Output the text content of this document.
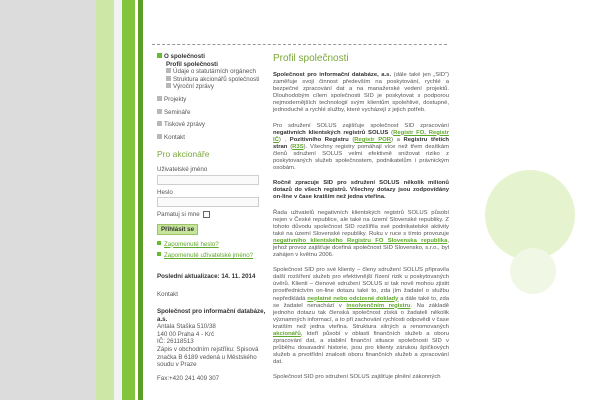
O společnosti
Profil společnosti
Údaje o statutárních orgánech
Struktura akcionářů společnosti
Výroční zprávy
Projekty
Semináře
Tiskové zprávy
Kontakt
Pro akcionáře
Uživatelské jméno
Heslo
Pamatuj si mne
Přihlásit se
Zapomenuté heslo?
Zapomenuté uživatelské jméno?
Poslední aktualizace: 14. 11. 2014
Kontakt
Společnost pro informační databáze, a.s.
Antala Staška 510/38
140 00 Praha 4 - Krč
IČ: 26118513
Zápis v obchodním rejstříku: Spisová značka B 6189 vedená u Městského soudu v Praze
Fax:+420 241 409 307
Profil společnosti

Společnost pro informační databáze, a.s. (dále také jen „SID“) zaměřuje svoji činnost především na poskytování, rychlé a bezpečné zpracování dat a na manažerské vedení projektů. Dlouhodobým cílem společnosti SID je poskytovat s podporou nejmodernějších technologií svým klientům spolehlivé, dostupné, jednoduché a rychlé služby, které vycházejí z jejich potřeb.

Pro sdružení SOLUS zajišťuje společnost SID zpracování negativních klientských registrů SOLUS (Registr FO, Registr IČ) , Pozitivního Registru (Registr POR) a Registru třetích stran (R3S). Všechny registry pomáhají více než třem desítkám členů sdružení SOLUS velmi efektivně snižovat riziko z poskytovaných služeb společnostem, podnikatelům i právnickým osobám.

Ročně zpracuje SID pro sdružení SOLUS několik milionů dotazů do všech registrů. Všechny dotazy jsou zodpovídány on-line v čase kratším než jedna vteřina.

Řada uživatelů negativních klientských registrů SOLUS působí nejen v České republice, ale také na území Slovenské republiky. Z tohoto důvodu společnost SID rozšířila své podnikatelské aktivity také na území Slovenské republiky. Ruku v ruce s tímto provozuje negativního klientského Registru FO Slovenska republika, jehož provoz zajišťuje dceřiná společnost SID Slovensko, s.r.o., byl zahájen v květnu 2006.

Společnost SID pro své klienty – členy sdružení SOLUS připravila další rozšíření služeb pro efektivnější řízení rizik u poskytovaných úvěrů. Klienti – členové sdružení SOLUS si tak nově mohou zjistit prostřednictvím on-line dotazu také to, zda jím žadatel o službu nepředkládá neplatné nebo odcizené doklady a dále také to, zda se žadatel nenachází v insolvenčním registru. Na základě jednoho dotazu tak členská společnost získá o žadateli několik významných informací, a to při zachování rychlosti odpovědi v čase kratším než jedna vteřina. Struktura silných a renomovaných akcionářů, kteří působí v oblasti finančních služeb a oboru zpracování dat, a stabilní finanční situace společnosti SID v průběhu dosavadní historie, jsou pro klienty zárukou špičkových služeb a prvotřídní znalosti oboru finančních služeb a zpracování dat.

Společnost SID pro sdružení SOLUS zajišťuje plnění zákonných
